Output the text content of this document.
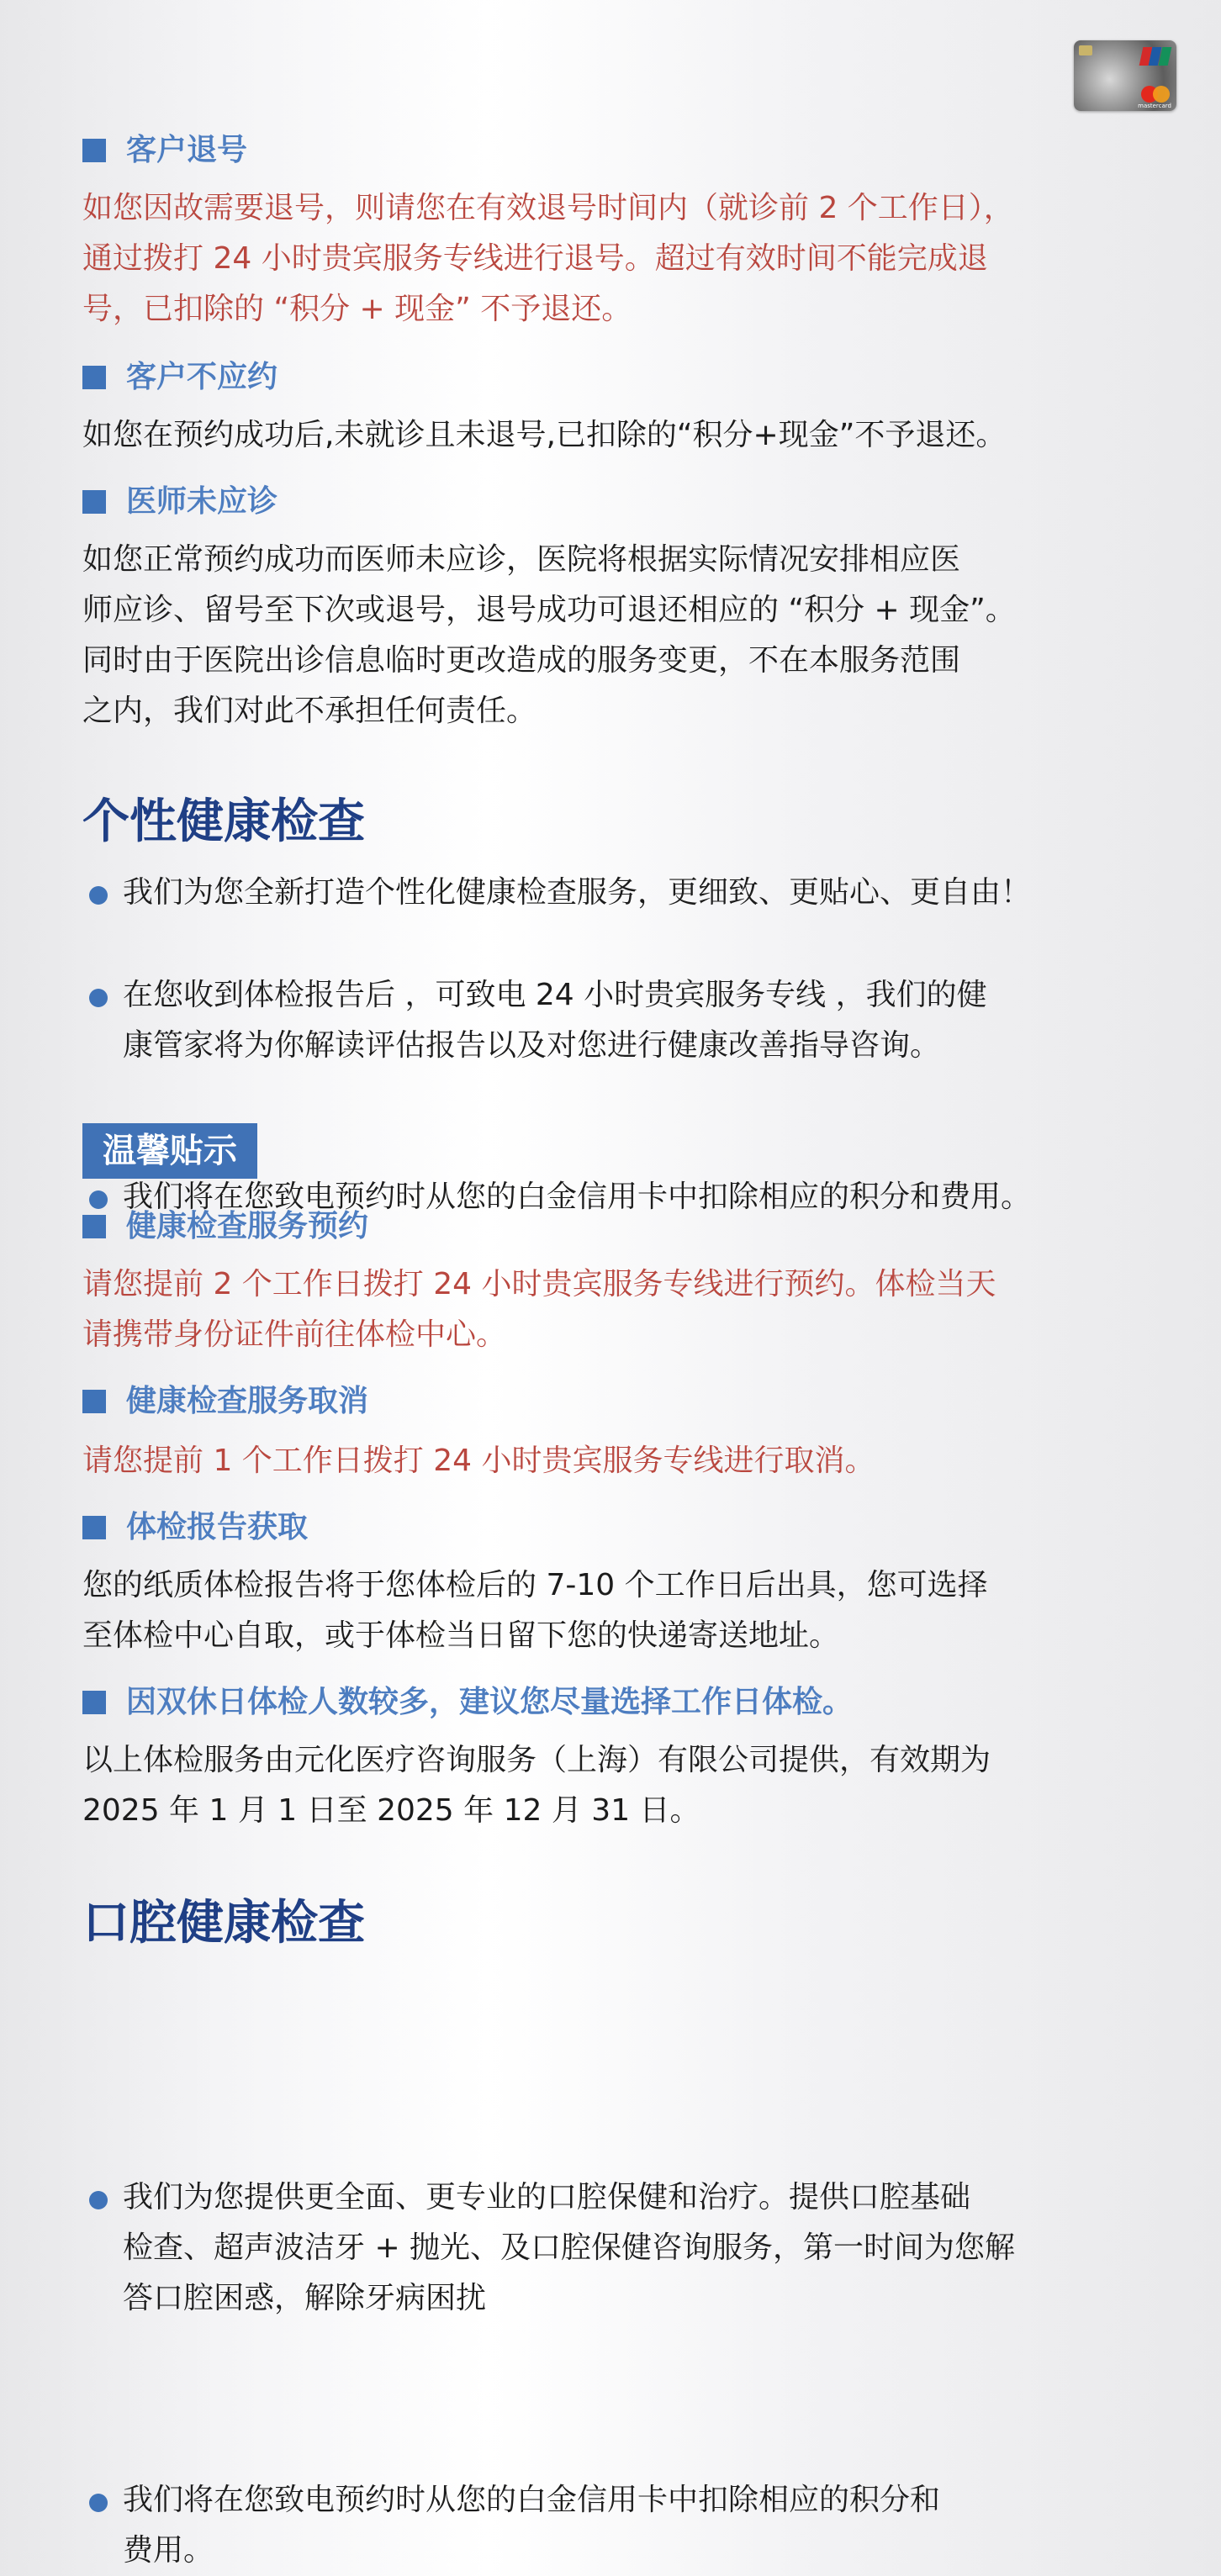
mastercard
客户退号
如您因故需要退号，则请您在有效退号时间内（就诊前 2 个工作日），
通过拨打 24 小时贵宾服务专线进行退号。超过有效时间不能完成退
号，已扣除的 “积分 + 现金” 不予退还。
客户不应约
如您在预约成功后,未就诊且未退号,已扣除的“积分+现金”不予退还。
医师未应诊
如您正常预约成功而医师未应诊，医院将根据实际情况安排相应医
师应诊、留号至下次或退号，退号成功可退还相应的 “积分 + 现金”。
同时由于医院出诊信息临时更改造成的服务变更，不在本服务范围
之内，我们对此不承担任何责任。
个性健康检查
我们为您全新打造个性化健康检查服务，更细致、更贴心、更自由！
在您收到体检报告后 ，可致电 24 小时贵宾服务专线 ，我们的健
康管家将为你解读评估报告以及对您进行健康改善指导咨询。
我们将在您致电预约时从您的白金信用卡中扣除相应的积分和费用。
温馨贴示
健康检查服务预约
请您提前 2 个工作日拨打 24 小时贵宾服务专线进行预约。体检当天
请携带身份证件前往体检中心。
健康检查服务取消
请您提前 1 个工作日拨打 24 小时贵宾服务专线进行取消。
体检报告获取
您的纸质体检报告将于您体检后的 7-10 个工作日后出具，您可选择
至体检中心自取，或于体检当日留下您的快递寄送地址。
因双休日体检人数较多，建议您尽量选择工作日体检。
以上体检服务由元化医疗咨询服务（上海）有限公司提供，有效期为
2025 年 1 月 1 日至 2025 年 12 月 31 日。
口腔健康检查
我们为您提供更全面、更专业的口腔保健和治疗。提供口腔基础
检查、超声波洁牙 + 抛光、及口腔保健咨询服务，第一时间为您解
答口腔困惑，解除牙病困扰
我们将在您致电预约时从您的白金信用卡中扣除相应的积分和
费用。
